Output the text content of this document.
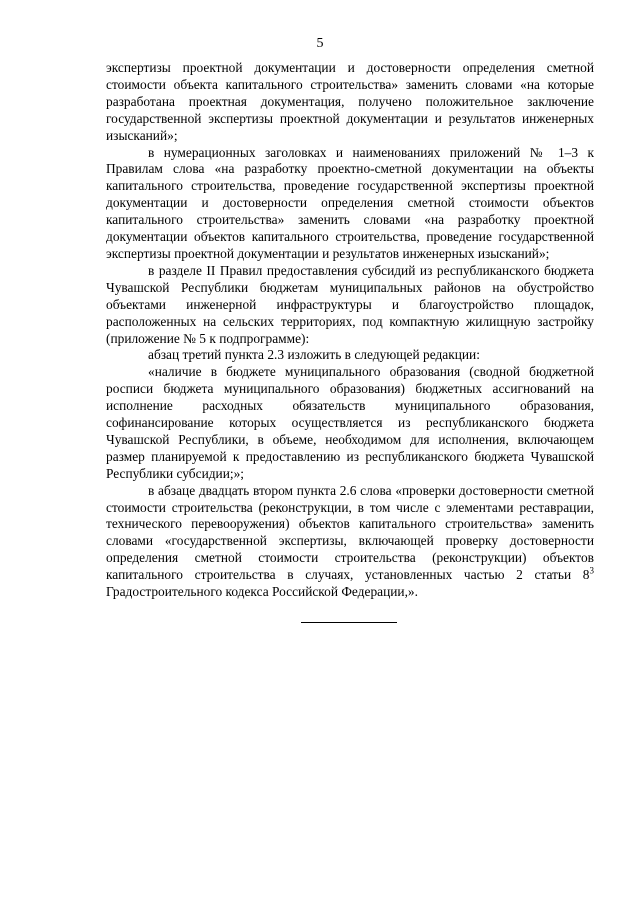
5

экспертизы проектной документации и достоверности определения сметной стоимости объекта капитального строительства» заменить словами «на которые разработана проектная документация, получено положительное заключение государственной экспертизы проектной документации и результатов инженерных изысканий»;

в нумерационных заголовках и наименованиях приложений № 1–3 к Правилам слова «на разработку проектно-сметной документации на объекты капитального строительства, проведение государственной экспертизы проектной документации и достоверности определения сметной стоимости объектов капитального строительства» заменить словами «на разработку проектной документации объектов капитального строительства, проведение государственной экспертизы проектной документации и результатов инженерных изысканий»;

в разделе II Правил предоставления субсидий из республиканского бюджета Чувашской Республики бюджетам муниципальных районов на обустройство объектами инженерной инфраструктуры и благоустройство площадок, расположенных на сельских территориях, под компактную жилищную застройку (приложение № 5 к подпрограмме):

абзац третий пункта 2.3 изложить в следующей редакции:

«наличие в бюджете муниципального образования (сводной бюджетной росписи бюджета муниципального образования) бюджетных ассигнований на исполнение расходных обязательств муниципального образования, софинансирование которых осуществляется из республиканского бюджета Чувашской Республики, в объеме, необходимом для исполнения, включающем размер планируемой к предоставлению из республиканского бюджета Чувашской Республики субсидии;»;

в абзаце двадцать втором пункта 2.6 слова «проверки достоверности сметной стоимости строительства (реконструкции, в том числе с элементами реставрации, технического перевооружения) объектов капитального строительства» заменить словами «государственной экспертизы, включающей проверку достоверности определения сметной стоимости строительства (реконструкции) объектов капитального строительства в случаях, установленных частью 2 статьи $8^3$ Градостроительного кодекса Российской Федерации,».
